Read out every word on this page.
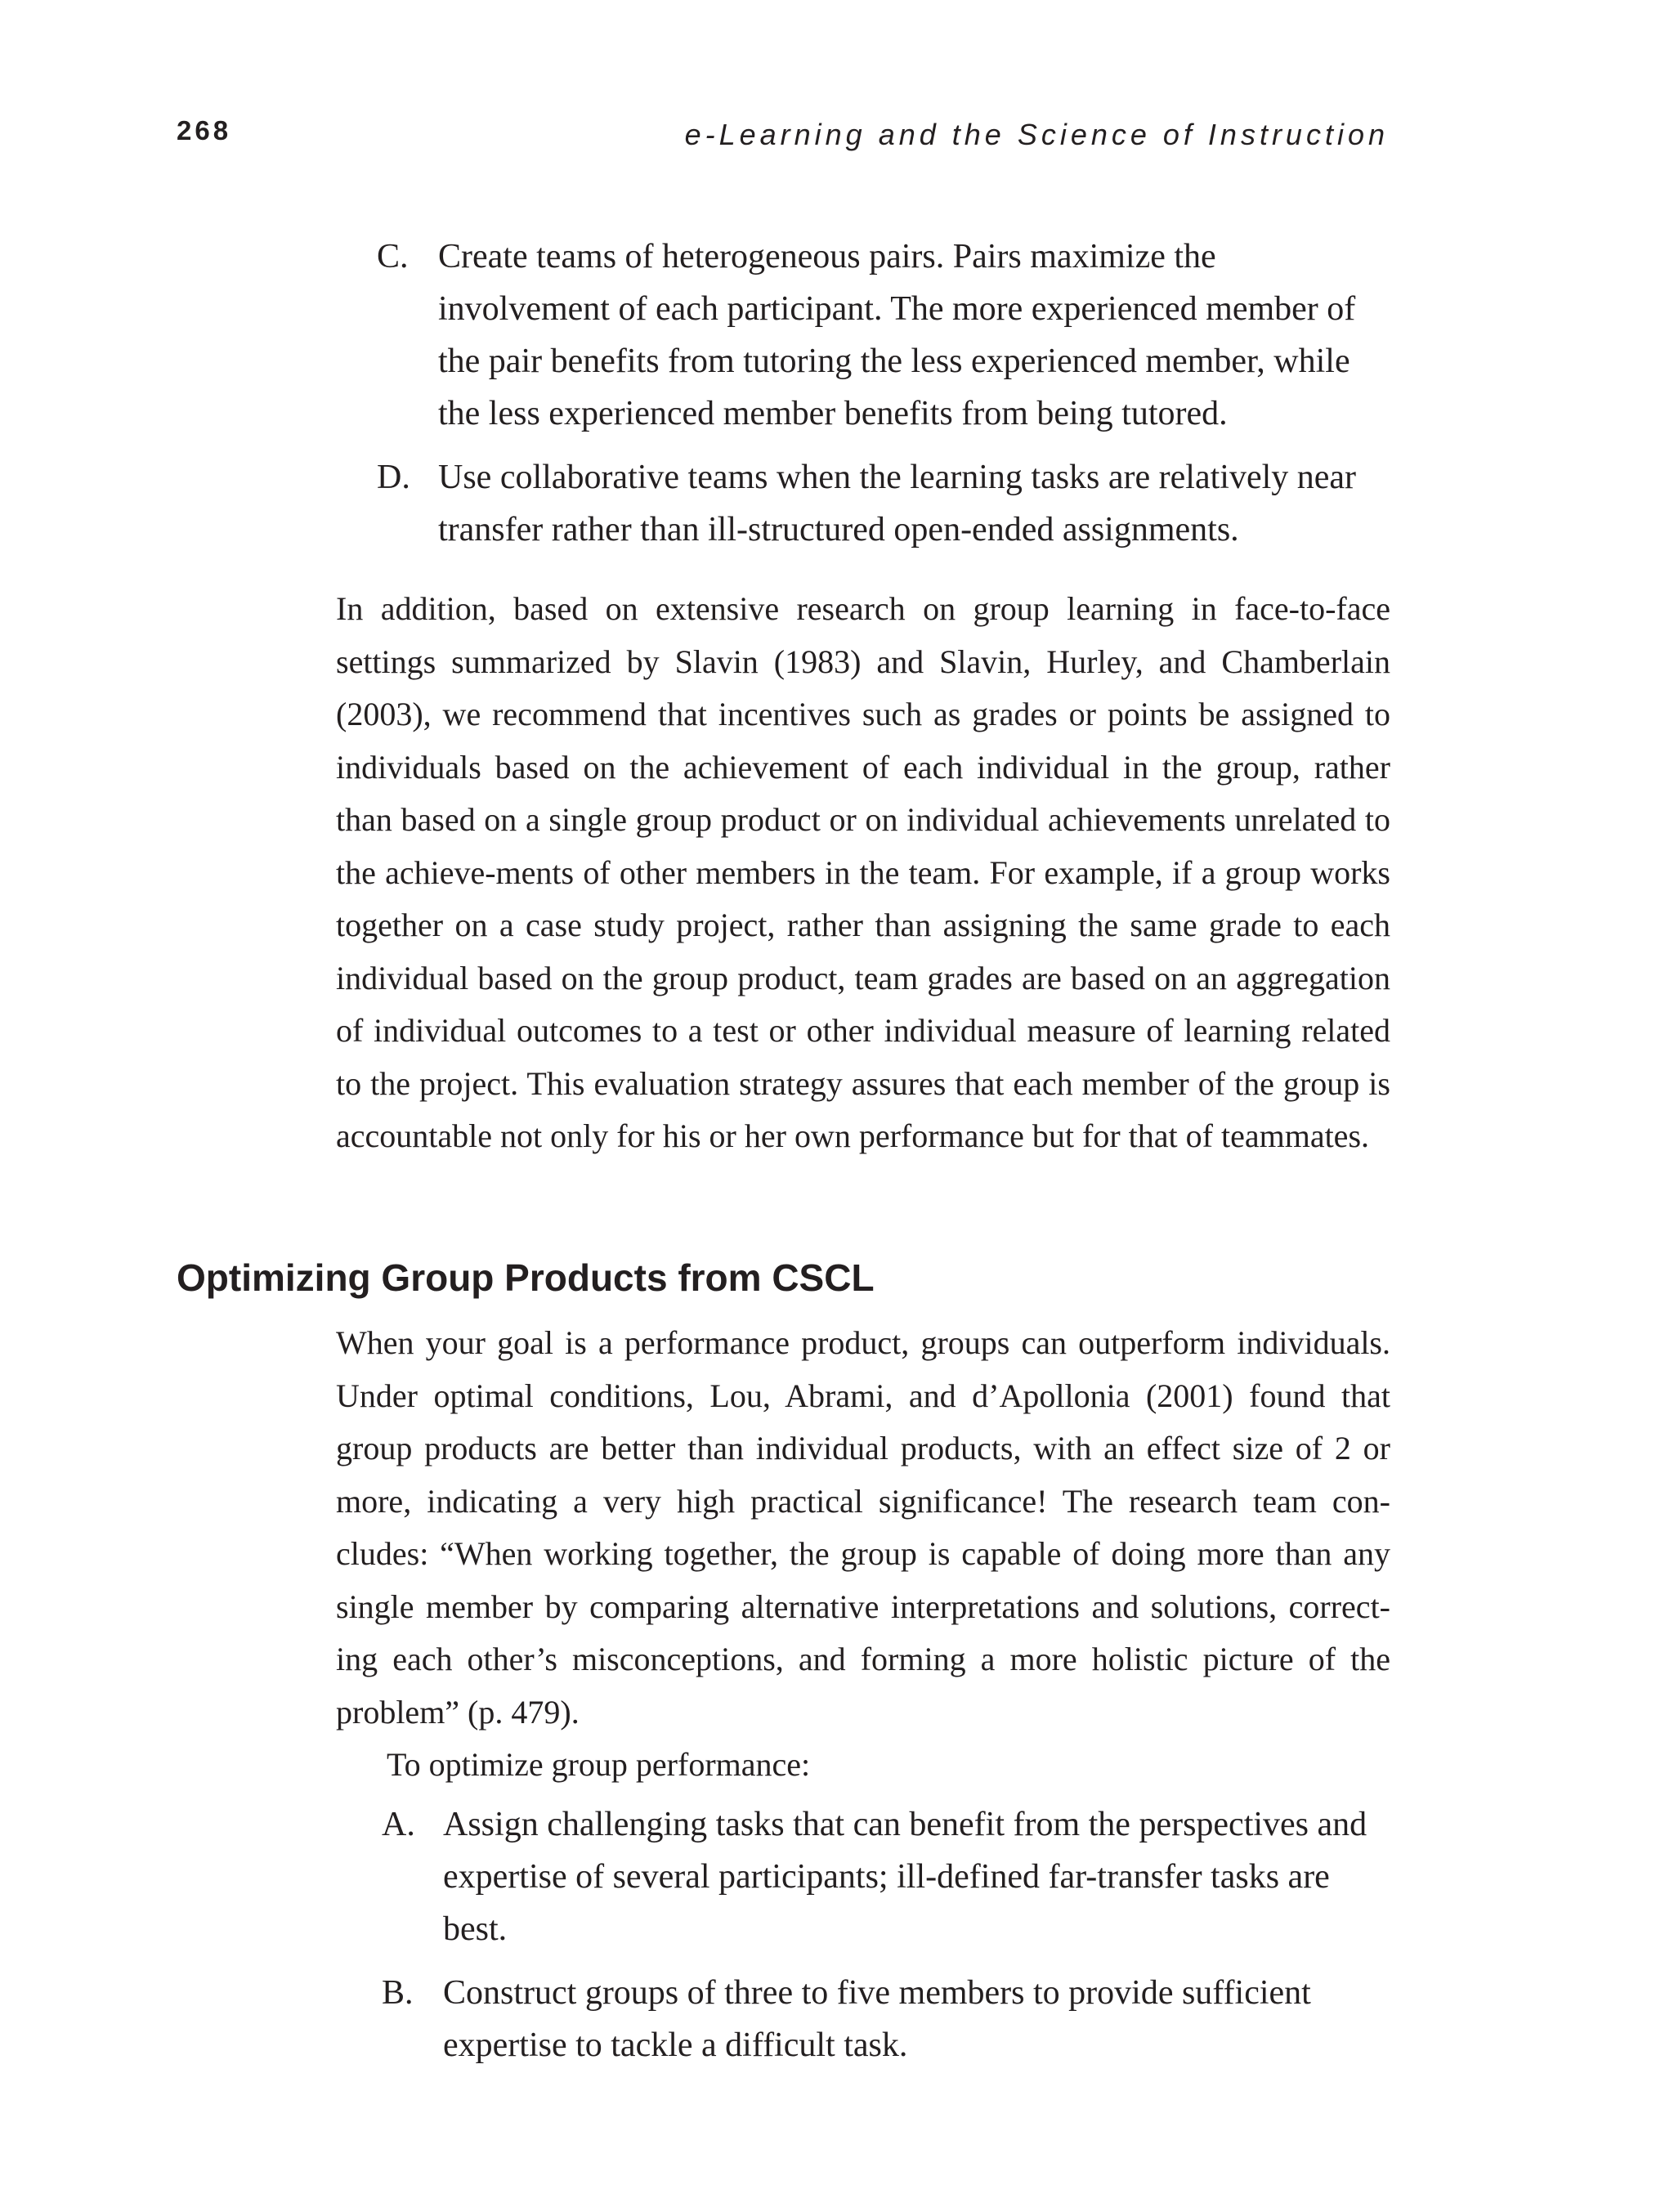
268	e-Learning and the Science of Instruction
C. Create teams of heterogeneous pairs. Pairs maximize the involvement of each participant. The more experienced member of the pair benefits from tutoring the less experienced member, while the less experienced member benefits from being tutored.
D. Use collaborative teams when the learning tasks are relatively near transfer rather than ill-structured open-ended assignments.

In addition, based on extensive research on group learning in face-to-face settings summarized by Slavin (1983) and Slavin, Hurley, and Chamberlain (2003), we recommend that incentives such as grades or points be assigned to individuals based on the achievement of each individual in the group, rather than based on a single group product or on individual achievements unrelated to the achieve-ments of other members in the team. For example, if a group works together on a case study project, rather than assigning the same grade to each individual based on the group product, team grades are based on an aggregation of individual outcomes to a test or other individual measure of learning related to the project. This evaluation strategy assures that each member of the group is accountable not only for his or her own performance but for that of teammates.

Optimizing Group Products from CSCL

When your goal is a performance product, groups can outperform individuals. Under optimal conditions, Lou, Abrami, and d’Apollonia (2001) found that group products are better than individual products, with an effect size of 2 or more, indicating a very high practical significance! The research team con-cludes: “When working together, the group is capable of doing more than any single member by comparing alternative interpretations and solutions, correct-ing each other’s misconceptions, and forming a more holistic picture of the problem” (p. 479).

To optimize group performance:

A. Assign challenging tasks that can benefit from the perspectives and expertise of several participants; ill-defined far-transfer tasks are best.
B. Construct groups of three to five members to provide sufficient expertise to tackle a difficult task.
